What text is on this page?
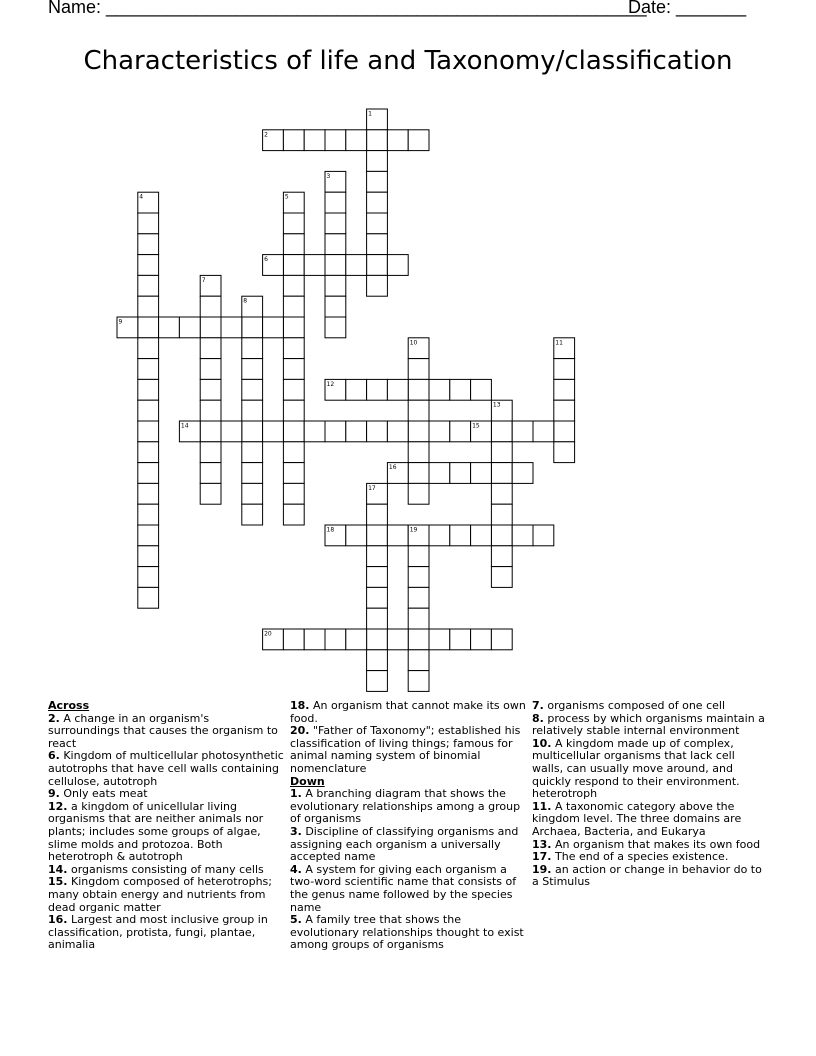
Name: ______________________________________________________
Date: _______
Characteristics of life and Taxonomy/classification
1
2
3
4	5
6
7
8
9
10	11
12
13
14	15
16
17
18	19
20
Across
2. A change in an organism's surroundings that causes the organism to react
6. Kingdom of multicellular photosynthetic autotrophs that have cell walls containing cellulose, autotroph
9. Only eats meat
12. a kingdom of unicellular living organisms that are neither animals nor plants; includes some groups of algae, slime molds and protozoa. Both heterotroph & autotroph
14. organisms consisting of many cells
15. Kingdom composed of heterotrophs; many obtain energy and nutrients from dead organic matter
16. Largest and most inclusive group in classification, protista, fungi, plantae, animalia
18. An organism that cannot make its own food.
20. "Father of Taxonomy"; established his classification of living things; famous for animal naming system of binomial nomenclature
Down
1. A branching diagram that shows the evolutionary relationships among a group of organisms
3. Discipline of classifying organisms and assigning each organism a universally accepted name
4. A system for giving each organism a two-word scientific name that consists of the genus name followed by the species name
5. A family tree that shows the evolutionary relationships thought to exist among groups of organisms
7. organisms composed of one cell
8. process by which organisms maintain a relatively stable internal environment
10. A kingdom made up of complex, multicellular organisms that lack cell walls, can usually move around, and quickly respond to their environment. heterotroph
11. A taxonomic category above the kingdom level. The three domains are Archaea, Bacteria, and Eukarya
13. An organism that makes its own food
17. The end of a species existence.
19. an action or change in behavior do to a Stimulus
